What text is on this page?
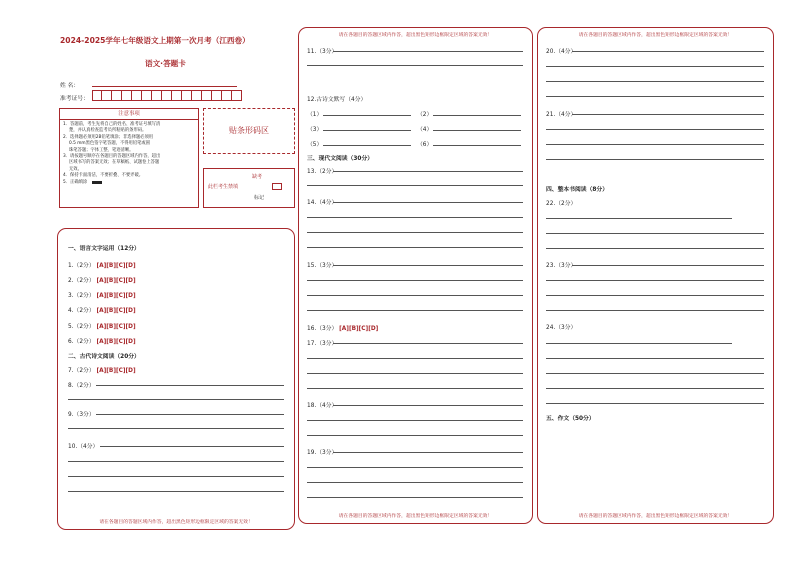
2024-2025学年七年级语文上期第一次月考（江西卷）
语文·答题卡
姓 名：
准考证号：
注意事项
1．答题前，考生先将自己的姓名、准考证号填写清
楚，并认真检查监考员所粘贴的条形码。
2．选择题必须用2B铅笔填涂；非选择题必须用
0.5 mm黑色签字笔答题，不得用铅笔或圆
珠笔答题；字体工整、笔迹清晰。
3．请按题号顺序在各题目的答题区域内作答，超出
区域书写的答案无效；在草稿纸、试题卷上答题
无效。
4．保持卡面清洁，不要折叠、不要弄破。
5．正确填涂
贴条形码区
缺考
此栏考生禁填
标记
一、语言文字运用（12分）
1.（2分） [A][B][C][D]
2.（2分） [A][B][C][D]
3.（2分） [A][B][C][D]
4.（2分） [A][B][C][D]
5.（2分） [A][B][C][D]
6.（2分） [A][B][C][D]
二、古代诗文阅读（20分）
7.（2分） [A][B][C][D]
8.（2分）
9.（3分）
10.（4分）
请在各题目的答题区域内作答，超出黑色矩形边框限定区域的答案无效！
请在各题目的答题区域内作答，超出黑色矩形边框限定区域的答案无效！
11.（3分）
12.古诗文默写（4分）
（1）	（2）
（3）	（4）
（5）	（6）
三、现代文阅读（30分）
13.（2分）
14.（4分）
15.（3分）
16.（3分） [A][B][C][D]
17.（3分）
18.（4分）
19.（3分）
请在各题目的答题区域内作答，超出黑色矩形边框限定区域的答案无效！
请在各题目的答题区域内作答，超出黑色矩形边框限定区域的答案无效！
20.（4分）
21.（4分）
四、整本书阅读（8分）
22.（2分）
23.（3分）
24.（3分）
五、作文（50分）
请在各题目的答题区域内作答，超出黑色矩形边框限定区域的答案无效！
